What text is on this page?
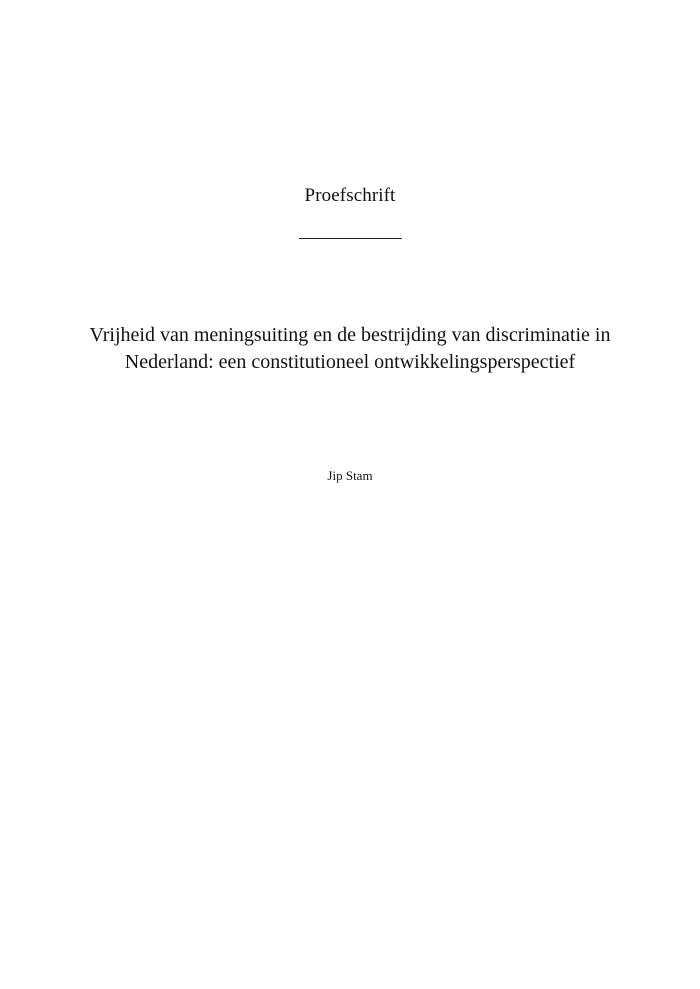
Proefschrift
Vrijheid van meningsuiting en de bestrijding van discriminatie in Nederland: een constitutioneel ontwikkelingsperspectief
Jip Stam
